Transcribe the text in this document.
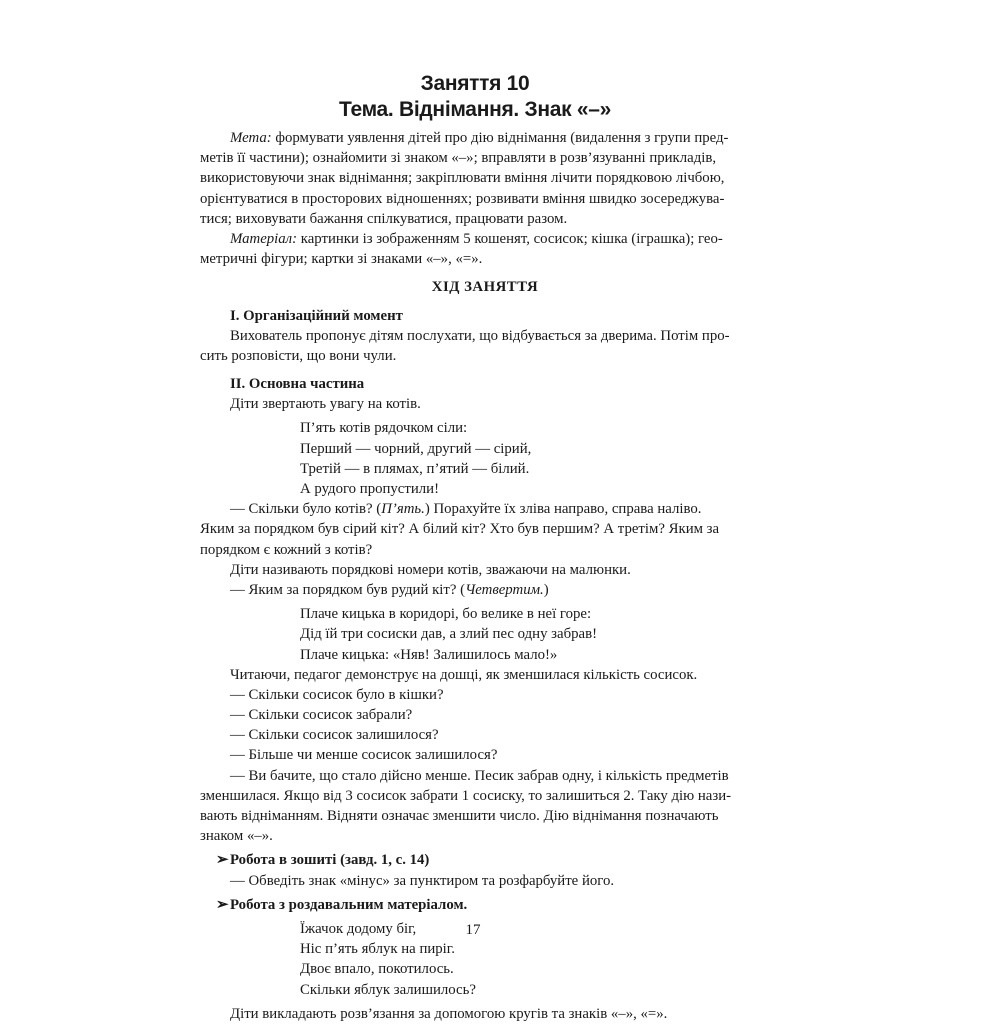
Заняття 10
Тема. Віднімання. Знак «–»
Мета: формувати уявлення дітей про дію віднімання (видалення з групи пред-
метів її частини); ознайомити зі знаком «–»; вправляти в розв’язуванні прикладів,
використовуючи знак віднімання; закріплювати вміння лічити порядковою лічбою,
орієнтуватися в просторових відношеннях; розвивати вміння швидко зосереджува-
тися; виховувати бажання спілкуватися, працювати разом.
Матеріал: картинки із зображенням 5 кошенят, сосисок; кішка (іграшка); гео-
метричні фігури; картки зі знаками «–», «=».
ХІД ЗАНЯТТЯ
I. Організаційний момент
Вихователь пропонує дітям послухати, що відбувається за дверима. Потім про-
сить розповісти, що вони чули.
II. Основна частина
Діти звертають увагу на котів.
П’ять котів рядочком сіли:
Перший — чорний, другий — сірий,
Третій — в плямах, п’ятий — білий.
А рудого пропустили!
— Скільки було котів? (П’ять.) Порахуйте їх зліва направо, справа наліво.
Яким за порядком був сірий кіт? А білий кіт? Хто був першим? А третім? Яким за
порядком є кожний з котів?
Діти називають порядкові номери котів, зважаючи на малюнки.
— Яким за порядком був рудий кіт? (Четвертим.)
Плаче кицька в коридорі, бо велике в неї горе:
Дід їй три сосиски дав, а злий пес одну забрав!
Плаче кицька: «Няв! Залишилось мало!»
Читаючи, педагог демонструє на дошці, як зменшилася кількість сосисок.
— Скільки сосисок було в кішки?
— Скільки сосисок забрали?
— Скільки сосисок залишилося?
— Більше чи менше сосисок залишилося?
— Ви бачите, що стало дійсно менше. Песик забрав одну, і кількість предметів
зменшилася. Якщо від 3 сосисок забрати 1 сосиску, то залишиться 2. Таку дію нази-
вають відніманням. Відняти означає зменшити число. Дію віднімання позначають
знаком «–».
➢ Робота в зошиті (завд. 1, с. 14)
— Обведіть знак «мінус» за пунктиром та розфарбуйте його.
➢ Робота з роздавальним матеріалом.
Їжачок додому біг,
Ніс п’ять яблук на пиріг.
Двоє впало, покотилось.
Скільки яблук залишилось?
Діти викладають розв’язання за допомогою кругів та знаків «–», «=».
17
